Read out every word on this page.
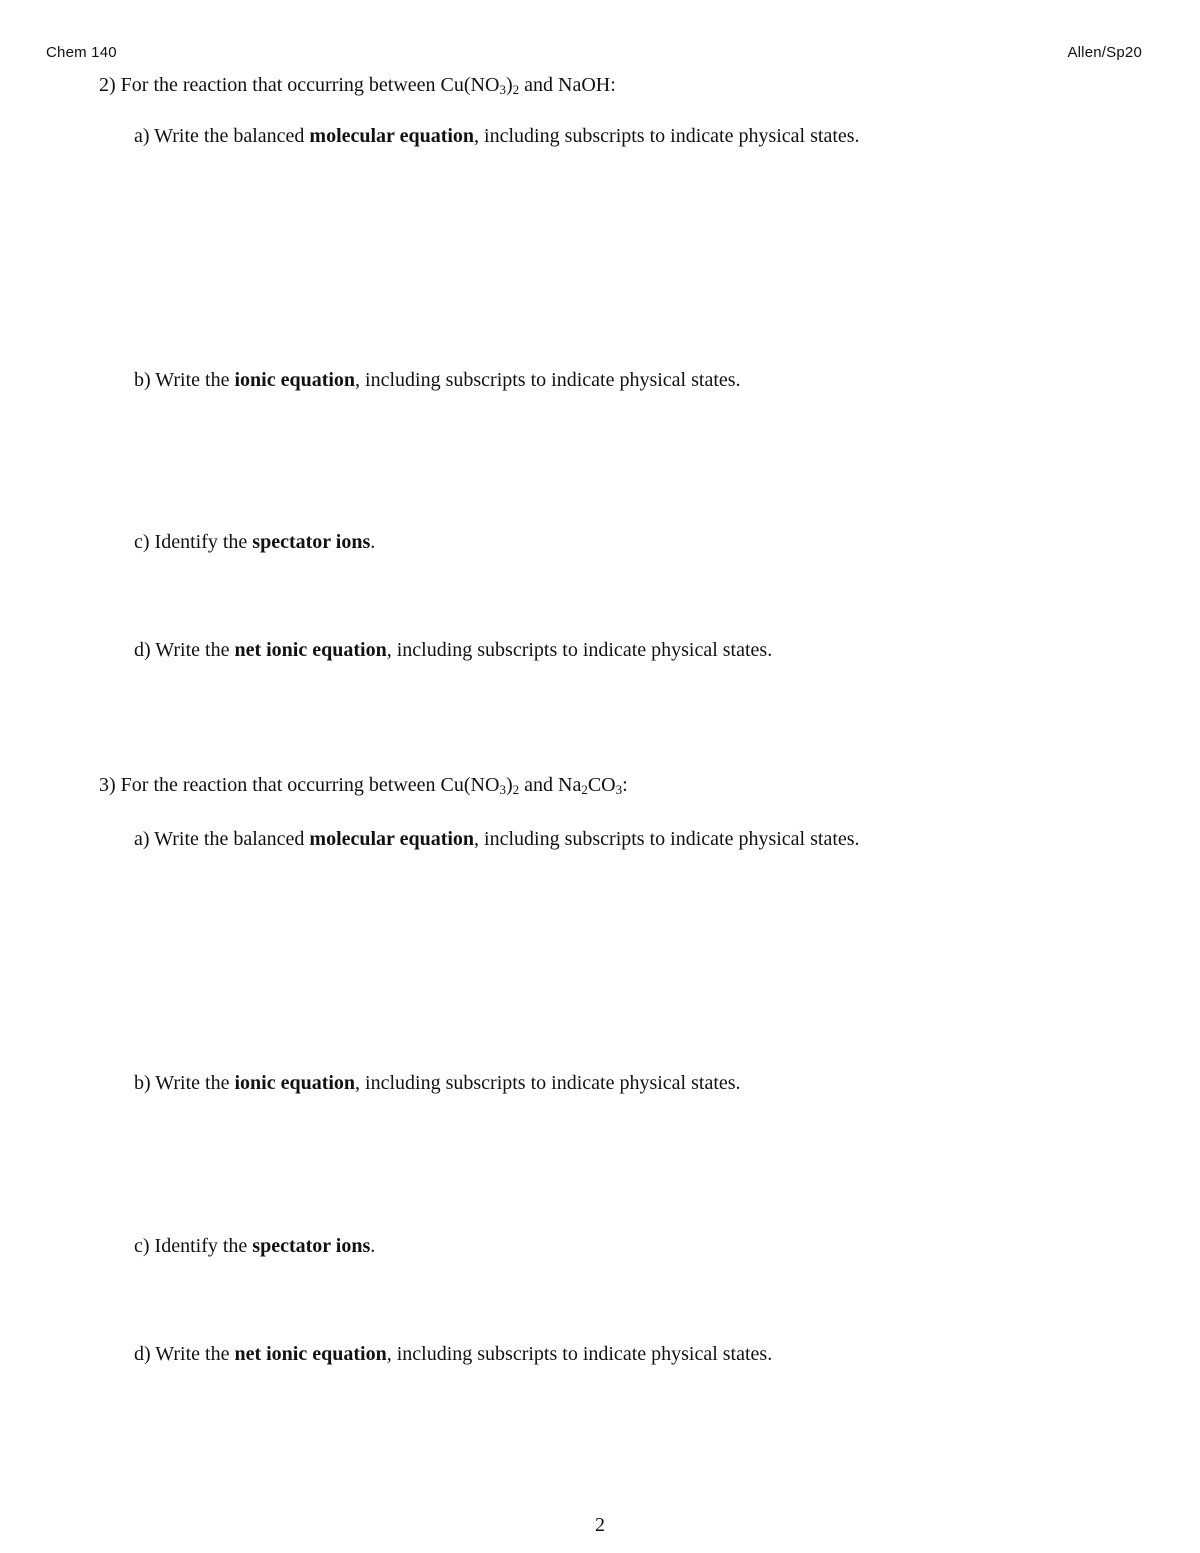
Chem 140	Allen/Sp20
2) For the reaction that occurring between $Cu(NO_3)_2$ and NaOH:
a) Write the balanced molecular equation, including subscripts to indicate physical states.
b) Write the ionic equation, including subscripts to indicate physical states.
c) Identify the spectator ions.
d) Write the net ionic equation, including subscripts to indicate physical states.
3) For the reaction that occurring between $Cu(NO_3)_2$ and $Na_2CO_3$:
a) Write the balanced molecular equation, including subscripts to indicate physical states.
b) Write the ionic equation, including subscripts to indicate physical states.
c) Identify the spectator ions.
d) Write the net ionic equation, including subscripts to indicate physical states.
2
